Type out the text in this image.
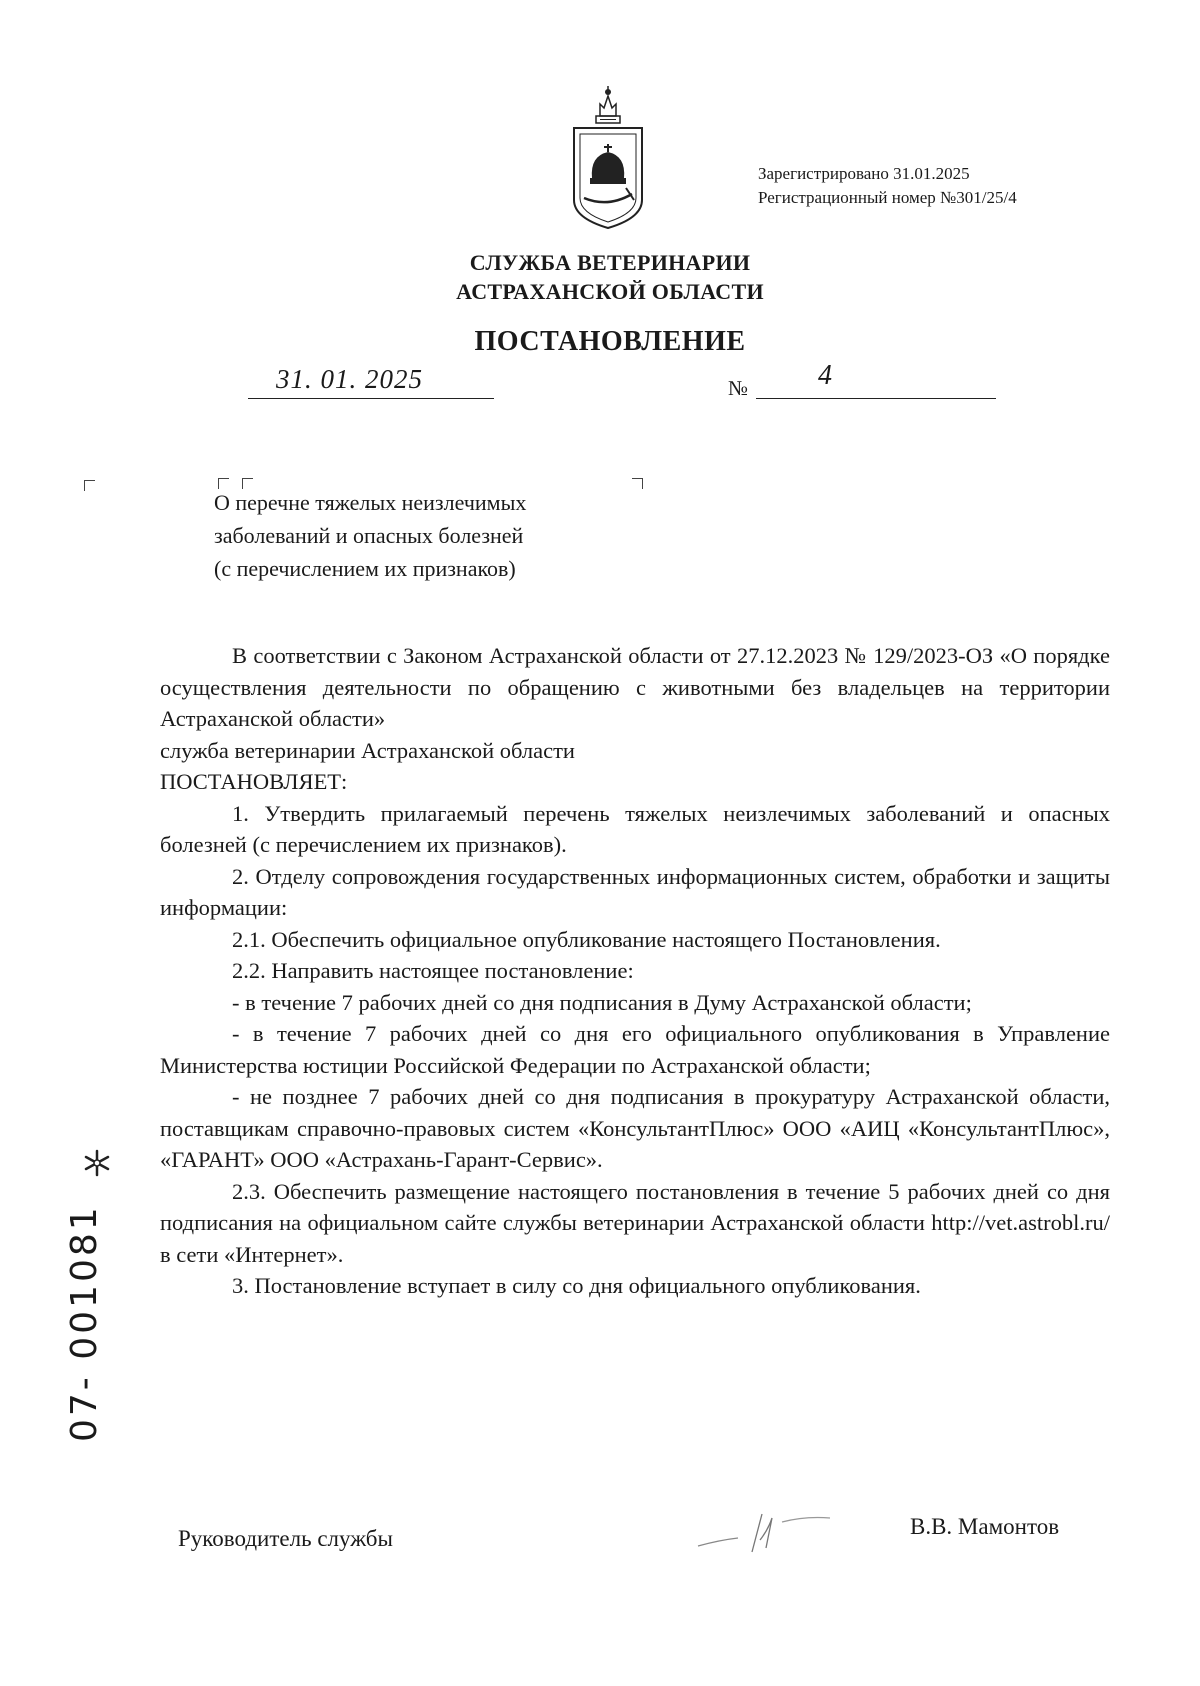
Зарегистрировано 31.01.2025
Регистрационный номер №301/25/4
СЛУЖБА ВЕТЕРИНАРИИ
АСТРАХАНСКОЙ ОБЛАСТИ
ПОСТАНОВЛЕНИЕ
31. 01. 2025	№ 4
О перечне тяжелых неизлечимых
заболеваний и опасных болезней
(с перечислением их признаков)

В соответствии с Законом Астраханской области от 27.12.2023 № 129/2023-ОЗ «О порядке осуществления деятельности по обращению с животными без владельцев на территории Астраханской области»

служба ветеринарии Астраханской области

ПОСТАНОВЛЯЕТ:

1. Утвердить прилагаемый перечень тяжелых неизлечимых заболеваний и опасных болезней (с перечислением их признаков).

2. Отделу сопровождения государственных информационных систем, обработки и защиты информации:

2.1. Обеспечить официальное опубликование настоящего Постановления.

2.2. Направить настоящее постановление:

- в течение 7 рабочих дней со дня подписания в Думу Астраханской области;

- в течение 7 рабочих дней со дня его официального опубликования в Управление Министерства юстиции Российской Федерации по Астраханской области;

- не позднее 7 рабочих дней со дня подписания в прокуратуру Астраханской области, поставщикам справочно-правовых систем «КонсультантПлюс» ООО «АИЦ «КонсультантПлюс», «ГАРАНТ» ООО «Астрахань-Гарант-Сервис».

2.3. Обеспечить размещение настоящего постановления в течение 5 рабочих дней со дня подписания на официальном сайте службы ветеринарии Астраханской области http://vet.astrobl.ru/ в сети «Интернет».

3. Постановление вступает в силу со дня официального опубликования.

Руководитель службы	В.В. Мамонтов
07- 001081
